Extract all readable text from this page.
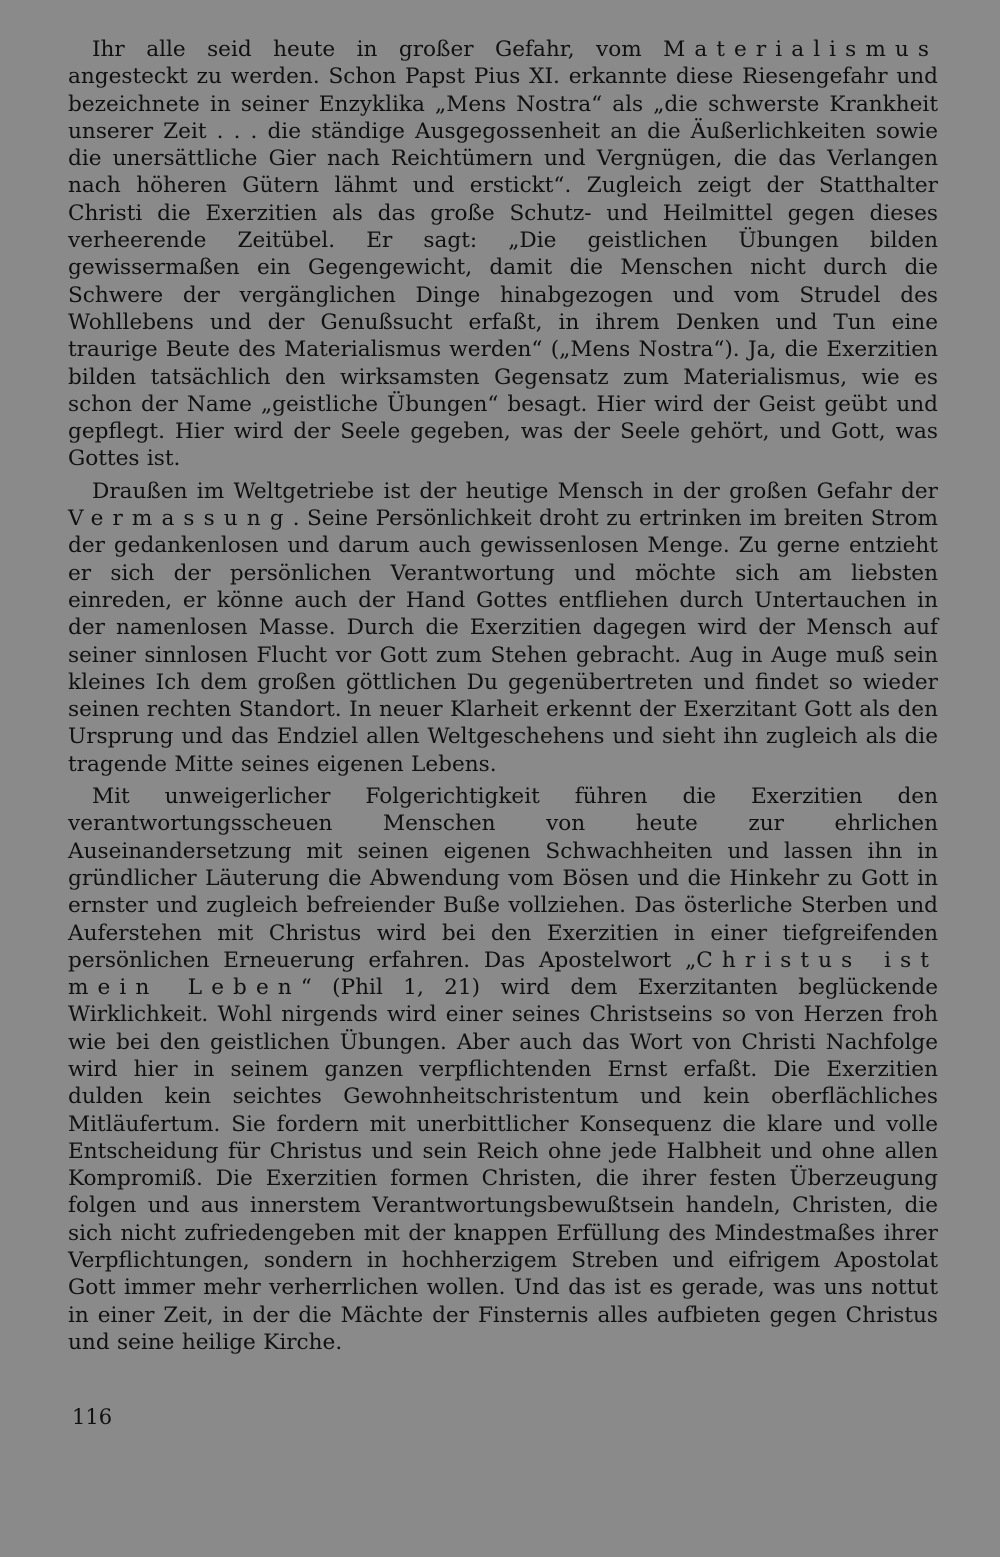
Ihr alle seid heute in großer Gefahr, vom Materialismus angesteckt zu werden. Schon Papst Pius XI. erkannte diese Riesengefahr und bezeichnete in seiner Enzyklika „Mens Nostra“ als „die schwerste Krankheit unserer Zeit . . . die ständige Ausgegossenheit an die Äußerlichkeiten sowie die unersättliche Gier nach Reichtümern und Vergnügen, die das Verlangen nach höheren Gütern lähmt und erstickt“. Zugleich zeigt der Statthalter Christi die Exerzitien als das große Schutz- und Heilmittel gegen dieses verheerende Zeitübel. Er sagt: „Die geistlichen Übungen bilden gewissermaßen ein Gegengewicht, damit die Menschen nicht durch die Schwere der vergänglichen Dinge hinabgezogen und vom Strudel des Wohllebens und der Genußsucht erfaßt, in ihrem Denken und Tun eine traurige Beute des Materialismus werden“ („Mens Nostra“). Ja, die Exerzitien bilden tatsächlich den wirksamsten Gegensatz zum Materialismus, wie es schon der Name „geistliche Übungen“ besagt. Hier wird der Geist geübt und gepflegt. Hier wird der Seele gegeben, was der Seele gehört, und Gott, was Gottes ist.

Draußen im Weltgetriebe ist der heutige Mensch in der großen Gefahr der Vermassung. Seine Persönlichkeit droht zu ertrinken im breiten Strom der gedankenlosen und darum auch gewissenlosen Menge. Zu gerne entzieht er sich der persönlichen Verantwortung und möchte sich am liebsten einreden, er könne auch der Hand Gottes entfliehen durch Untertauchen in der namenlosen Masse. Durch die Exerzitien dagegen wird der Mensch auf seiner sinnlosen Flucht vor Gott zum Stehen gebracht. Aug in Auge muß sein kleines Ich dem großen göttlichen Du gegenübertreten und findet so wieder seinen rechten Standort. In neuer Klarheit erkennt der Exerzitant Gott als den Ursprung und das Endziel allen Weltgeschehens und sieht ihn zugleich als die tragende Mitte seines eigenen Lebens.

Mit unweigerlicher Folgerichtigkeit führen die Exerzitien den verantwortungsscheuen Menschen von heute zur ehrlichen Auseinandersetzung mit seinen eigenen Schwachheiten und lassen ihn in gründlicher Läuterung die Abwendung vom Bösen und die Hinkehr zu Gott in ernster und zugleich befreiender Buße vollziehen. Das österliche Sterben und Auferstehen mit Christus wird bei den Exerzitien in einer tiefgreifenden persönlichen Erneuerung erfahren. Das Apostelwort „Christus ist mein Leben“ (Phil 1, 21) wird dem Exerzitanten beglückende Wirklichkeit. Wohl nirgends wird einer seines Christseins so von Herzen froh wie bei den geistlichen Übungen. Aber auch das Wort von Christi Nachfolge wird hier in seinem ganzen verpflichtenden Ernst erfaßt. Die Exerzitien dulden kein seichtes Gewohnheitschristentum und kein oberflächliches Mitläufertum. Sie fordern mit unerbittlicher Konsequenz die klare und volle Entscheidung für Christus und sein Reich ohne jede Halbheit und ohne allen Kompromiß. Die Exerzitien formen Christen, die ihrer festen Überzeugung folgen und aus innerstem Verantwortungsbewußtsein handeln, Christen, die sich nicht zufriedengeben mit der knappen Erfüllung des Mindestmaßes ihrer Verpflichtungen, sondern in hochherzigem Streben und eifrigem Apostolat Gott immer mehr verherrlichen wollen. Und das ist es gerade, was uns nottut in einer Zeit, in der die Mächte der Finsternis alles aufbieten gegen Christus und seine heilige Kirche.

116
